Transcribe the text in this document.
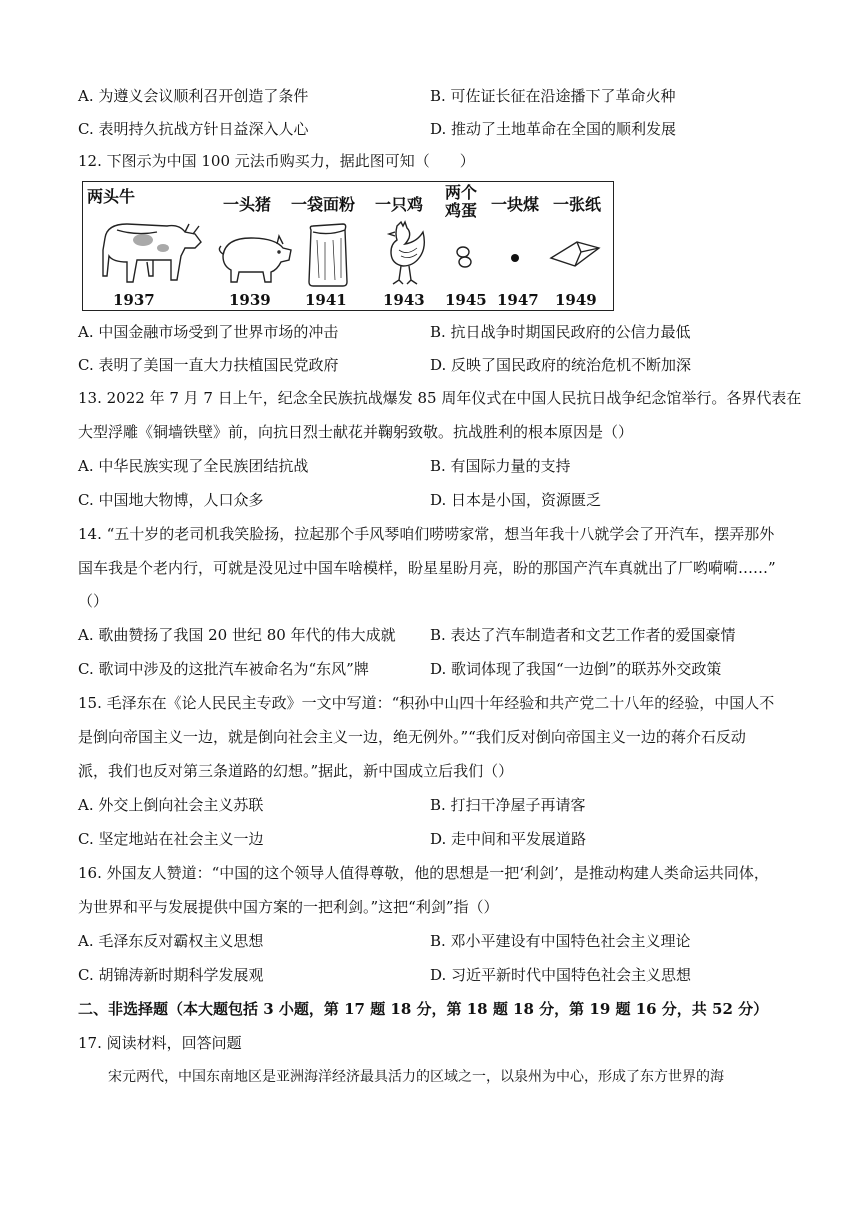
A. 为遵义会议顺利召开创造了条件	B. 可佐证长征在沿途播下了革命火种
C. 表明持久抗战方针日益深入人心	D. 推动了土地革命在全国的顺利发展
12. 下图示为中国 100 元法币购买力，据此图可知（　　）
两头牛	一头猪 一袋面粉 一只鸡
两个
鸡蛋 一块煤 一张纸
1937	1939 1941 1943 1945 1947 1949
A. 中国金融市场受到了世界市场的冲击	B. 抗日战争时期国民政府的公信力最低
C. 表明了美国一直大力扶植国民党政府	D. 反映了国民政府的统治危机不断加深
13. 2022 年 7 月 7 日上午，纪念全民族抗战爆发 85 周年仪式在中国人民抗日战争纪念馆举行。各界代表在
大型浮雕《铜墙铁壁》前，向抗日烈士献花并鞠躬致敬。抗战胜利的根本原因是（）
A. 中华民族实现了全民族团结抗战	B. 有国际力量的支持
C. 中国地大物博，人口众多	D. 日本是小国，资源匮乏
14. “五十岁的老司机我笑脸扬，拉起那个手风琴咱们唠唠家常，想当年我十八就学会了开汽车，摆弄那外
国车我是个老内行，可就是没见过中国车啥模样，盼星星盼月亮，盼的那国产汽车真就出了厂哟嗬嗬……”
（）
A. 歌曲赞扬了我国 20 世纪 80 年代的伟大成就 B. 表达了汽车制造者和文艺工作者的爱国豪情
C. 歌词中涉及的这批汽车被命名为“东风”牌	D. 歌词体现了我国“一边倒”的联苏外交政策
15. 毛泽东在《论人民民主专政》一文中写道：“积孙中山四十年经验和共产党二十八年的经验，中国人不
是倒向帝国主义一边，就是倒向社会主义一边，绝无例外。”“我们反对倒向帝国主义一边的蒋介石反动
派，我们也反对第三条道路的幻想。”据此，新中国成立后我们（）
A. 外交上倒向社会主义苏联	B. 打扫干净屋子再请客
C. 坚定地站在社会主义一边	D. 走中间和平发展道路
16. 外国友人赞道：“中国的这个领导人值得尊敬，他的思想是一把‘利剑’，是推动构建人类命运共同体，
为世界和平与发展提供中国方案的一把利剑。”这把“利剑”指（）
A. 毛泽东反对霸权主义思想	B. 邓小平建设有中国特色社会主义理论
C. 胡锦涛新时期科学发展观	D. 习近平新时代中国特色社会主义思想
二、非选择题（本大题包括 3 小题，第 17 题 18 分，第 18 题 18 分，第 19 题 16 分，共 52 分）
17. 阅读材料，回答问题
宋元两代，中国东南地区是亚洲海洋经济最具活力的区域之一，以泉州为中心，形成了东方世界的海
